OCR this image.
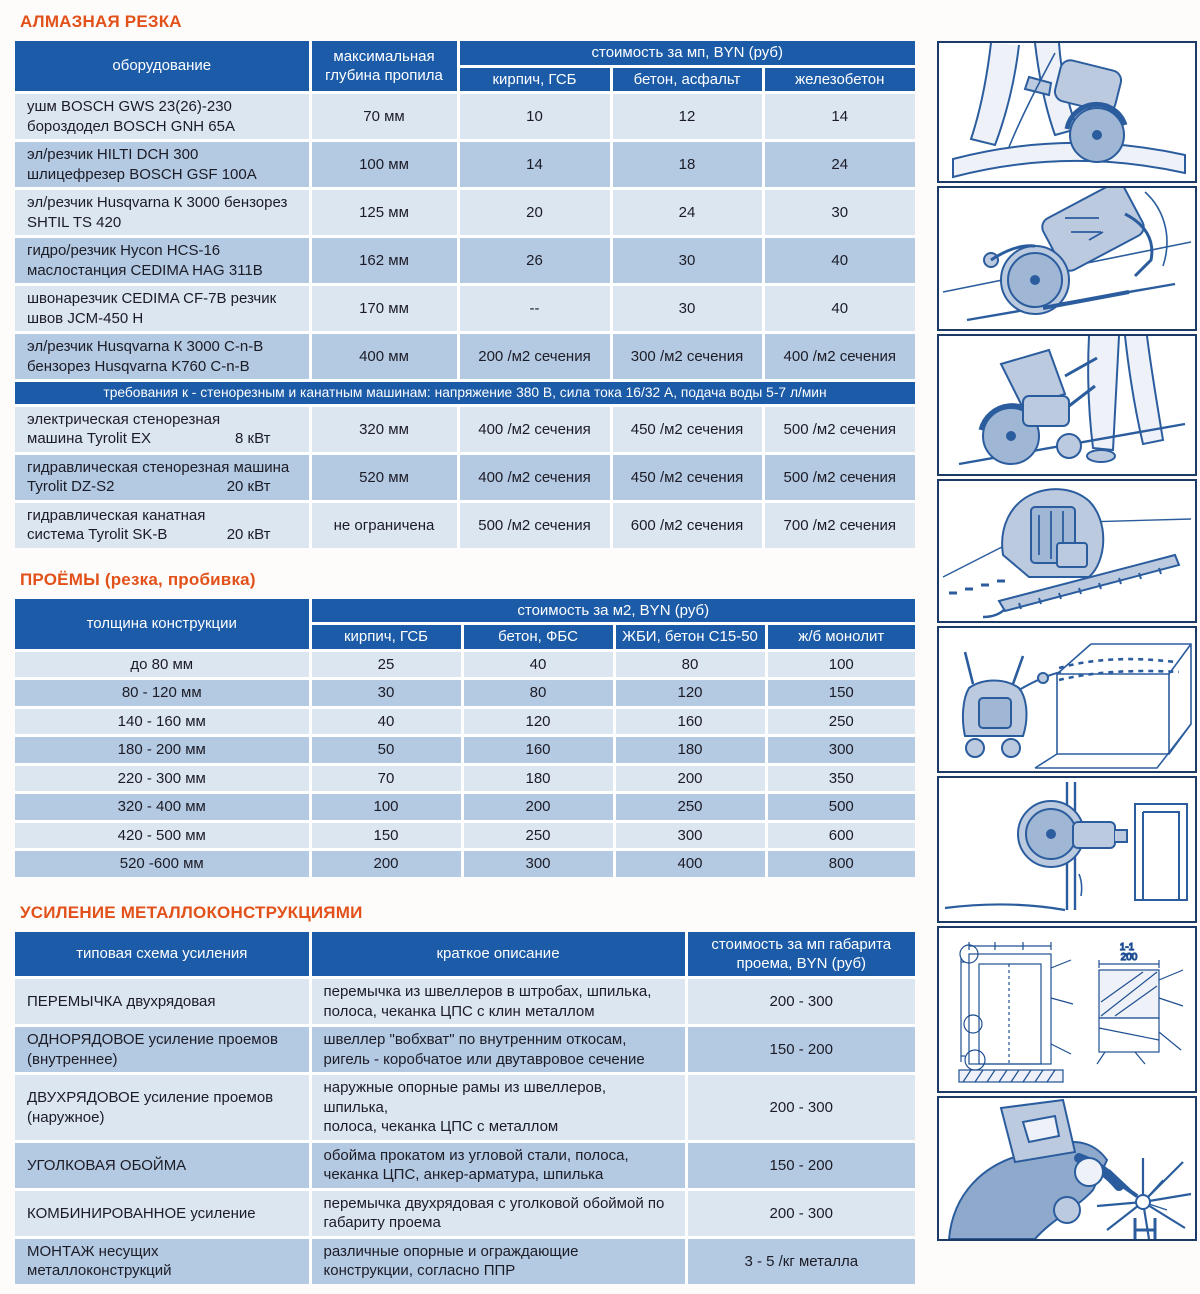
АЛМАЗНАЯ РЕЗКА
оборудование	максимальная глубина пропила	стоимость за мп, BYN (руб)		
		кирпич, ГСБ	бетон, асфальт	железобетон

ушм BOSCH GWS 23(26)-230
бороздодел BOSCH GNH 65A	70 мм	10	12	14

эл/резчик HILTI DCH 300
шлицефрезер BOSCH GSF 100A	100 мм	14	18	24

эл/резчик Husqvarna К 3000 бензорез
SHTIL TS 420	125 мм	20	24	30

гидро/резчик Hycon HCS-16
маслостанция CEDIMA HAG 311B	162 мм	26	30	40

швонарезчик CEDIMA CF-7B резчик
швов JCM-450 Н	170 мм	--	30	40

эл/резчик Husqvarna К 3000 C-n-B
бензорез Husqvarna K760 C-n-B	400 мм	200 /м2 сечения	300 /м2 сечения	400 /м2 сечения
требования к - стенорезным и канатным машинам: напряжение 380 В, сила тока 16/32 А, подача воды 5-7 л/мин				

электрическая стенорезная
машина Tyrolit EX 8 кВт	320 мм	400 /м2 сечения	450 /м2 сечения	500 /м2 сечения

гидравлическая стенорезная машина
Tyrolit DZ-S2 20 кВт	520 мм	400 /м2 сечения	450 /м2 сечения	500 /м2 сечения

гидравлическая канатная
система Tyrolit SK-B 20 кВт	не ограничена	500 /м2 сечения	600 /м2 сечения	700 /м2 сечения
ПРОЁМЫ (резка, пробивка)
толщина конструкции	стоимость за м2, BYN (руб)			
	кирпич, ГСБ	бетон, ФБС	ЖБИ, бетон С15-50	ж/б монолит
до 80 мм	25	40	80	100
80 - 120 мм	30	80	120	150
140 - 160 мм	40	120	160	250
180 - 200 мм	50	160	180	300
220 - 300 мм	70	180	200	350
320 - 400 мм	100	200	250	500
420 - 500 мм	150	250	300	600
520 -600 мм	200	300	400	800
УСИЛЕНИЕ МЕТАЛЛОКОНСТРУКЦИЯМИ
типовая схема усиления	краткое описание	стоимость за мп габарита проема, BYN (руб)

ПЕРЕМЫЧКА двухрядовая	перемычка из швеллеров в штробах, шпилька,
полоса, чеканка ЦПС с клин металлом	200 - 300

ОДНОРЯДОВОЕ усиление проемов
(внутреннее)	швеллер "вобхват" по внутренним откосам,
ригель - коробчатое или двутавровое сечение	150 - 200

ДВУХРЯДОВОЕ усиление проемов
(наружное)	наружные опорные рамы из швеллеров, шпилька,
полоса, чеканка ЦПС с металлом	200 - 300

УГОЛКОВАЯ ОБОЙМА	обойма прокатом из угловой стали, полоса,
чеканка ЦПС, анкер-арматура, шпилька	150 - 200

КОМБИНИРОВАННОЕ усиление	перемычка двухрядовая с уголковой обоймой по
габариту проема	200 - 300

МОНТАЖ несущих
металлоконструкций	различные опорные и ограждающие
конструкции, согласно ППР	3 - 5 /кг металла
1-1
200
